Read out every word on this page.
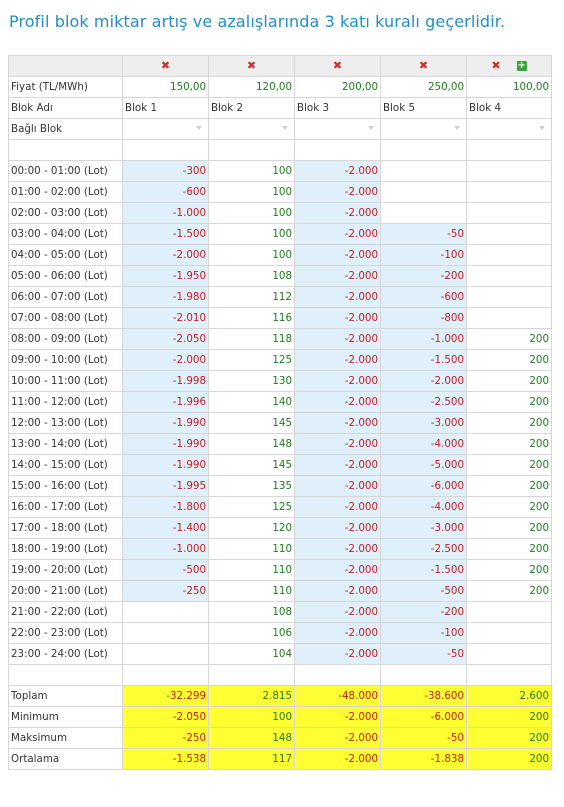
Profil blok miktar artış ve azalışlarında 3 katı kuralı geçerlidir.
	✖	✖	✖	✖	✖ +
Fiyat (TL/MWh)	150,00	120,00	200,00	250,00	100,00
Blok Adı	Blok 1	Blok 2	Blok 3	Blok 5	Blok 4
Bağlı Blok	

00:00 - 01:00 (Lot)	-300	100	-2.000		
01:00 - 02:00 (Lot)	-600	100	-2.000		
02:00 - 03:00 (Lot)	-1.000	100	-2.000		
03:00 - 04:00 (Lot)	-1.500	100	-2.000	-50	
04:00 - 05:00 (Lot)	-2.000	100	-2.000	-100	
05:00 - 06:00 (Lot)	-1.950	108	-2.000	-200	
06:00 - 07:00 (Lot)	-1.980	112	-2.000	-600	
07:00 - 08:00 (Lot)	-2.010	116	-2.000	-800	
08:00 - 09:00 (Lot)	-2.050	118	-2.000	-1.000	200
09:00 - 10:00 (Lot)	-2.000	125	-2.000	-1.500	200
10:00 - 11:00 (Lot)	-1.998	130	-2.000	-2.000	200
11:00 - 12:00 (Lot)	-1.996	140	-2.000	-2.500	200
12:00 - 13:00 (Lot)	-1.990	145	-2.000	-3.000	200
13:00 - 14:00 (Lot)	-1.990	148	-2.000	-4.000	200
14:00 - 15:00 (Lot)	-1.990	145	-2.000	-5.000	200
15:00 - 16:00 (Lot)	-1.995	135	-2.000	-6.000	200
16:00 - 17:00 (Lot)	-1.800	125	-2.000	-4.000	200
17:00 - 18:00 (Lot)	-1.400	120	-2.000	-3.000	200
18:00 - 19:00 (Lot)	-1.000	110	-2.000	-2.500	200
19:00 - 20:00 (Lot)	-500	110	-2.000	-1.500	200
20:00 - 21:00 (Lot)	-250	110	-2.000	-500	200
21:00 - 22:00 (Lot)		108	-2.000	-200	
22:00 - 23:00 (Lot)		106	-2.000	-100	
23:00 - 24:00 (Lot)		104	-2.000	-50	

Toplam	-32.299	2.815	-48.000	-38.600	2.600
Minimum	-2.050	100	-2.000	-6.000	200
Maksimum	-250	148	-2.000	-50	200
Ortalama	-1.538	117	-2.000	-1.838	200
